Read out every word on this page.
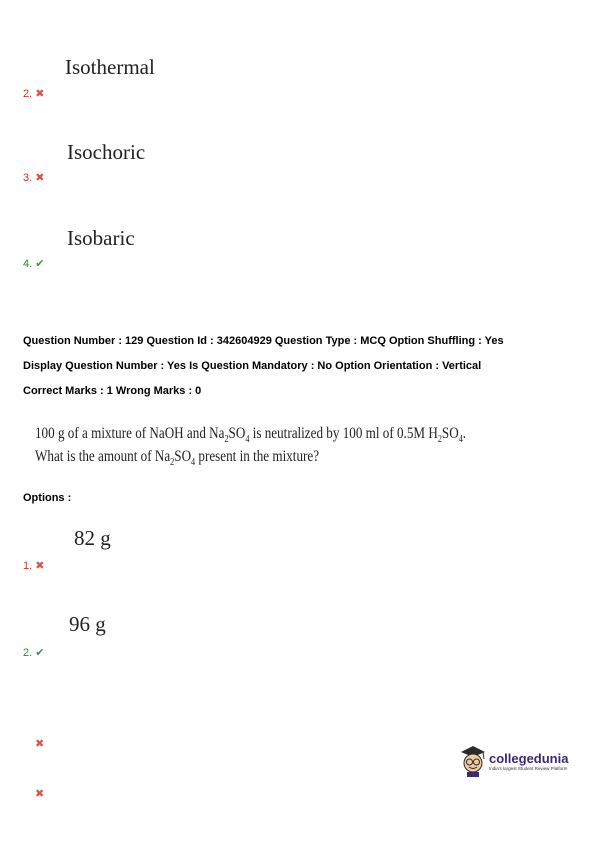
Isothermal
2. ✖
Isochoric
3. ✖
Isobaric
4. ✔
Question Number : 129 Question Id : 342604929 Question Type : MCQ Option Shuffling : Yes
Display Question Number : Yes Is Question Mandatory : No Option Orientation : Vertical
Correct Marks : 1 Wrong Marks : 0
100 g of a mixture of NaOH and $Na_2SO_4$ is neutralized by 100 ml of 0.5M $H_2SO_4$.
What is the amount of $Na_2SO_4$ present in the mixture?
Options :
82 g
1. ✖
96 g
2. ✔
✖
✖
collegedunia
India's largest Student Review Platform
